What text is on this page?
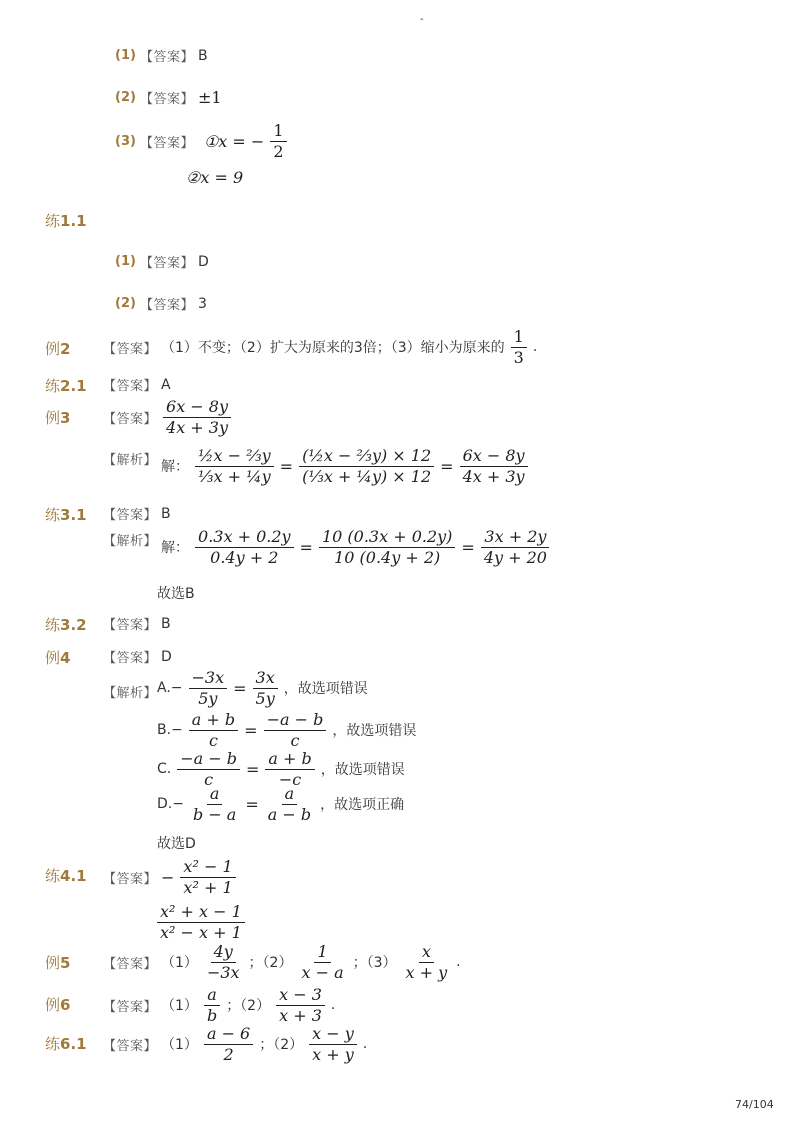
-
(1) 【答案】 B
(2) 【答案】 ±1
(3) 【答案】 ①x = − $\frac{1}{2}$
②x = 9
练1.1
(1) 【答案】 D
(2) 【答案】 3
例2	【答案】 （1）不变；（2）扩大为原来的3倍；（3）缩小为原来的 $\frac{1}{3}$ .
练2.1 【答案】 A
例3	【答案】 $\frac{6x - 8y}{4x + 3y}$
【解析】 解： $\frac{\text{½x − ⅔y}}{\text{⅓x + ¼y}} = \frac{\text{(½x − ⅔y) × 12}}{\text{(⅓x + ¼y) × 12}} = \frac{6x - 8y}{4x + 3y}$
练3.1 【答案】 B
【解析】 解： $\frac{0.3x + 0.2y}{0.4y + 2} = \frac{10 (0.3x + 0.2y)}{10 (0.4y + 2)} = \frac{3x + 2y}{4y + 20}$
故选B
练3.2 【答案】 B
例4	【答案】 D
【解析】 $A.- \frac{-3x}{5y} = \frac{3x}{5y}$ ，故选项错误
$B.- \frac{a + b}{c} = \frac{-a - b}{c}$ ，故选项错误
C. $\frac{-a - b}{c} = \frac{a + b}{-c}$ ，故选项错误
$D.- \frac{a}{b - a} = \frac{a}{a - b}$ ，故选项正确
故选D
练4.1 【答案】 − $\frac{\text{x² − 1}}{\text{x² + 1}}$
$\frac{\text{x² + x − 1}}{\text{x² − x + 1}}$
例5	【答案】 $(1) \frac{4y}{-3x}$ ；$(2) \frac{1}{x - a}$ ；$(3) \frac{x}{x + y}$ .
例6	【答案】 $(1) \frac{a}{b}$ ；$(2) \frac{x - 3}{x + 3}$ .
练6.1 【答案】 $(1) \frac{a - 6}{2}$ ；$(2) \frac{x - y}{x + y}$ .
74/104
